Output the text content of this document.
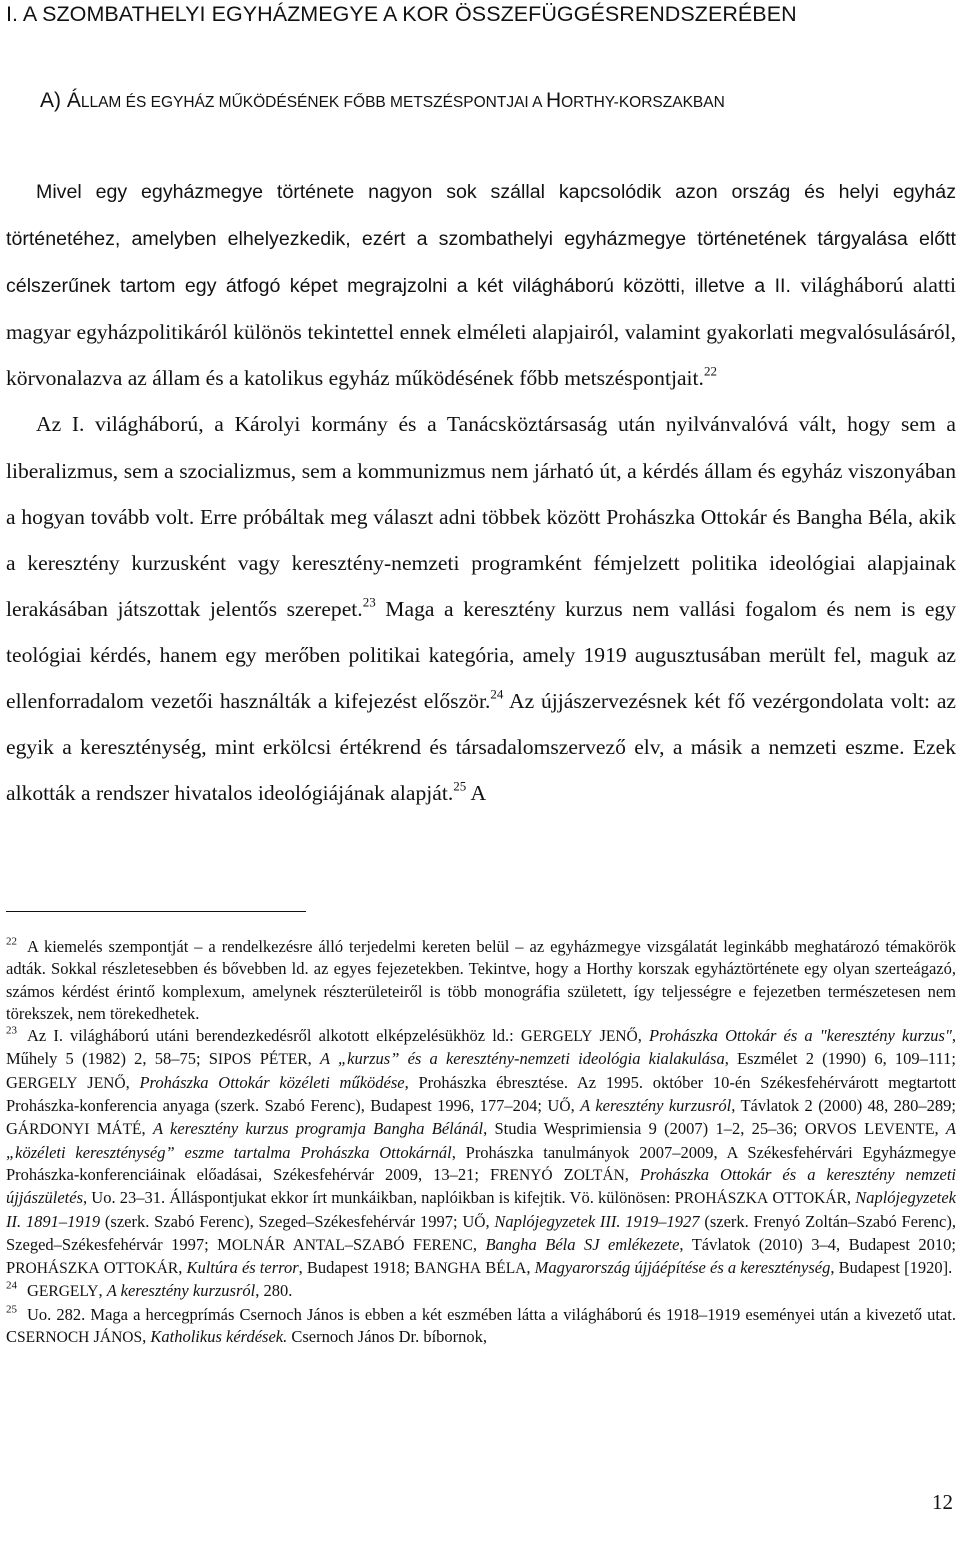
I. A SZOMBATHELYI EGYHÁZMEGYE A KOR ÖSSZEFÜGGÉSRENDSZERÉBEN
A) ÁLLAM ÉS EGYHÁZ MŰKÖDÉSÉNEK FŐBB METSZÉSPONTJAI A HORTHY-KORSZAKBAN

Mivel egy egyházmegye története nagyon sok szállal kapcsolódik azon ország és helyi egyház történetéhez, amelyben elhelyezkedik, ezért a szombathelyi egyházmegye történetének tárgyalása előtt célszerűnek tartom egy átfogó képet megrajzolni a két világháború közötti, illetve a II. világháború alatti magyar egyházpolitikáról különös tekintettel ennek elméleti alapjairól, valamint gyakorlati megvalósulásáról, körvonalazva az állam és a katolikus egyház működésének főbb metszéspontjait.$^{22}$

Az I. világháború, a Károlyi kormány és a Tanácsköztársaság után nyilvánvalóvá vált, hogy sem a liberalizmus, sem a szocializmus, sem a kommunizmus nem járható út, a kérdés állam és egyház viszonyában a hogyan tovább volt. Erre próbáltak meg választ adni többek között Prohászka Ottokár és Bangha Béla, akik a keresztény kurzusként vagy keresztény-nemzeti programként fémjelzett politika ideológiai alapjainak lerakásában játszottak jelentős szerepet.$^{23}$ Maga a keresztény kurzus nem vallási fogalom és nem is egy teológiai kérdés, hanem egy merőben politikai kategória, amely 1919 augusztusában merült fel, maguk az ellenforradalom vezetői használták a kifejezést először.$^{24}$ Az újjászervezésnek két fő vezérgondolata volt: az egyik a kereszténység, mint erkölcsi értékrend és társadalomszervező elv, a másik a nemzeti eszme. Ezek alkották a rendszer hivatalos ideológiájának alapját.$^{25}$ A

$^{22}$ A kiemelés szempontját – a rendelkezésre álló terjedelmi kereten belül – az egyházmegye vizsgálatát leginkább meghatározó témakörök adták. Sokkal részletesebben és bővebben ld. az egyes fejezetekben. Tekintve, hogy a Horthy korszak egyháztörténete egy olyan szerteágazó, számos kérdést érintő komplexum, amelynek részterületeiről is több monográfia született, így teljességre e fejezetben természetesen nem törekszek, nem törekedhetek.

$^{23}$ Az I. világháború utáni berendezkedésről alkotott elképzelésükhöz ld.: GERGELY JENŐ, Prohászka Ottokár és a "keresztény kurzus", Műhely 5 (1982) 2, 58–75; SIPOS PÉTER, A „kurzus” és a keresztény-nemzeti ideológia kialakulása, Eszmélet 2 (1990) 6, 109–111; GERGELY JENŐ, Prohászka Ottokár közéleti működése, Prohászka ébresztése. Az 1995. október 10-én Székesfehérvárott megtartott Prohászka-konferencia anyaga (szerk. Szabó Ferenc), Budapest 1996, 177–204; UŐ, A keresztény kurzusról, Távlatok 2 (2000) 48, 280–289; GÁRDONYI MÁTÉ, A keresztény kurzus programja Bangha Bélánál, Studia Wesprimiensia 9 (2007) 1–2, 25–36; ORVOS LEVENTE, A „közéleti kereszténység” eszme tartalma Prohászka Ottokárnál, Prohászka tanulmányok 2007–2009, A Székesfehérvári Egyházmegye Prohászka-konferenciáinak előadásai, Székesfehérvár 2009, 13–21; FRENYÓ ZOLTÁN, Prohászka Ottokár és a keresztény nemzeti újjászületés, Uo. 23–31. Álláspontjukat ekkor írt munkáikban, naplóikban is kifejtik. Vö. különösen: PROHÁSZKA OTTOKÁR, Naplójegyzetek II. 1891–1919 (szerk. Szabó Ferenc), Szeged–Székesfehérvár 1997; UŐ, Naplójegyzetek III. 1919–1927 (szerk. Frenyó Zoltán–Szabó Ferenc), Szeged–Székesfehérvár 1997; MOLNÁR ANTAL–SZABÓ FERENC, Bangha Béla SJ emlékezete, Távlatok (2010) 3–4, Budapest 2010; PROHÁSZKA OTTOKÁR, Kultúra és terror, Budapest 1918; BANGHA BÉLA, Magyarország újjáépítése és a kereszténység, Budapest [1920].

$^{24}$ GERGELY, A keresztény kurzusról, 280.

$^{25}$ Uo. 282. Maga a hercegprímás Csernoch János is ebben a két eszmében látta a világháború és 1918–1919 eseményei után a kivezető utat. CSERNOCH JÁNOS, Katholikus kérdések. Csernoch János Dr. bíbornok,

12
